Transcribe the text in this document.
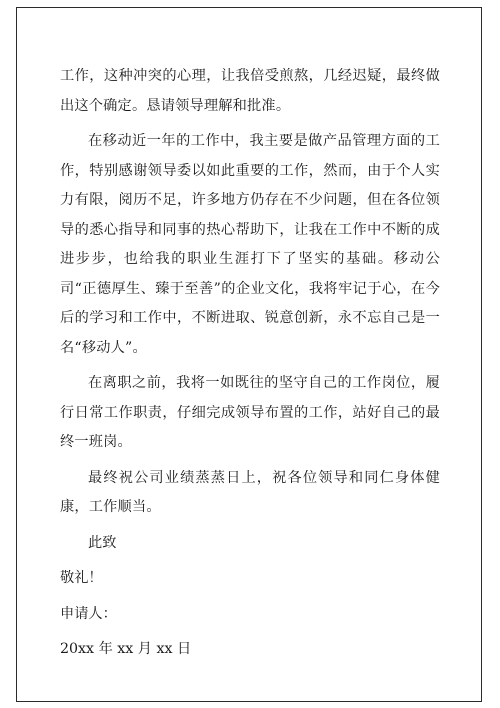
工作，这种冲突的心理，让我倍受煎熬，几经迟疑，最终做出这个确定。恳请领导理解和批准。

在移动近一年的工作中，我主要是做产品管理方面的工作，特别感谢领导委以如此重要的工作，然而，由于个人实力有限，阅历不足，许多地方仍存在不少问题，但在各位领导的悉心指导和同事的热心帮助下，让我在工作中不断的成进步步，也给我的职业生涯打下了坚实的基础。移动公司“正德厚生、臻于至善”的企业文化，我将牢记于心，在今后的学习和工作中，不断进取、锐意创新，永不忘自己是一名“移动人”。

在离职之前，我将一如既往的坚守自己的工作岗位，履行日常工作职责，仔细完成领导布置的工作，站好自己的最终一班岗。

最终祝公司业绩蒸蒸日上，祝各位领导和同仁身体健康，工作顺当。

此致

敬礼！

申请人：

20xx 年 xx 月 xx 日
